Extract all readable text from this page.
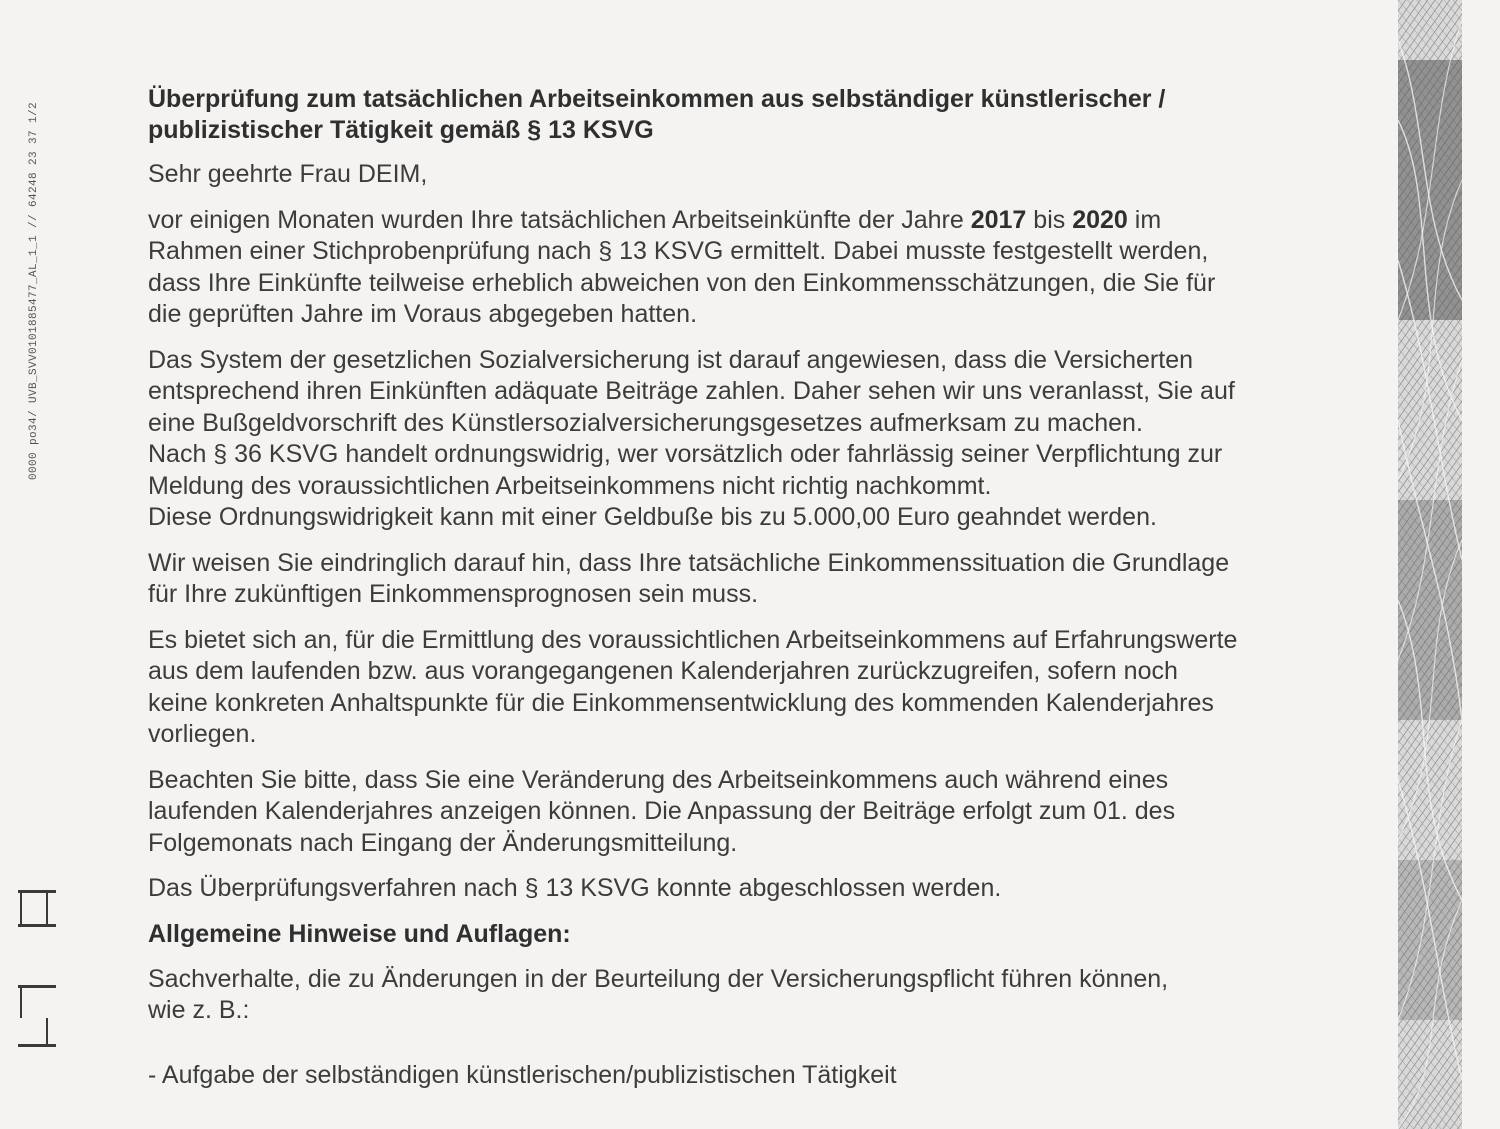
0000 po34/ UVB_SVV0101885477_AL_1_1 // 64248 23 37 1/2
Überprüfung zum tatsächlichen Arbeitseinkommen aus selbständiger künstlerischer /
publizistischer Tätigkeit gemäß § 13 KSVG
Sehr geehrte Frau DEIM,
vor einigen Monaten wurden Ihre tatsächlichen Arbeitseinkünfte der Jahre 2017 bis 2020 im
Rahmen einer Stichprobenprüfung nach § 13 KSVG ermittelt. Dabei musste festgestellt werden,
dass Ihre Einkünfte teilweise erheblich abweichen von den Einkommensschätzungen, die Sie für
die geprüften Jahre im Voraus abgegeben hatten.
Das System der gesetzlichen Sozialversicherung ist darauf angewiesen, dass die Versicherten
entsprechend ihren Einkünften adäquate Beiträge zahlen. Daher sehen wir uns veranlasst, Sie auf
eine Bußgeldvorschrift des Künstlersozialversicherungsgesetzes aufmerksam zu machen.
Nach § 36 KSVG handelt ordnungswidrig, wer vorsätzlich oder fahrlässig seiner Verpflichtung zur
Meldung des voraussichtlichen Arbeitseinkommens nicht richtig nachkommt.
Diese Ordnungswidrigkeit kann mit einer Geldbuße bis zu 5.000,00 Euro geahndet werden.
Wir weisen Sie eindringlich darauf hin, dass Ihre tatsächliche Einkommenssituation die Grundlage
für Ihre zukünftigen Einkommensprognosen sein muss.
Es bietet sich an, für die Ermittlung des voraussichtlichen Arbeitseinkommens auf Erfahrungswerte
aus dem laufenden bzw. aus vorangegangenen Kalenderjahren zurückzugreifen, sofern noch
keine konkreten Anhaltspunkte für die Einkommensentwicklung des kommenden Kalenderjahres
vorliegen.
Beachten Sie bitte, dass Sie eine Veränderung des Arbeitseinkommens auch während eines
laufenden Kalenderjahres anzeigen können. Die Anpassung der Beiträge erfolgt zum 01. des
Folgemonats nach Eingang der Änderungsmitteilung.
Das Überprüfungsverfahren nach § 13 KSVG konnte abgeschlossen werden.
Allgemeine Hinweise und Auflagen:
Sachverhalte, die zu Änderungen in der Beurteilung der Versicherungspflicht führen können,
wie z. B.:
- Aufgabe der selbständigen künstlerischen/publizistischen Tätigkeit
